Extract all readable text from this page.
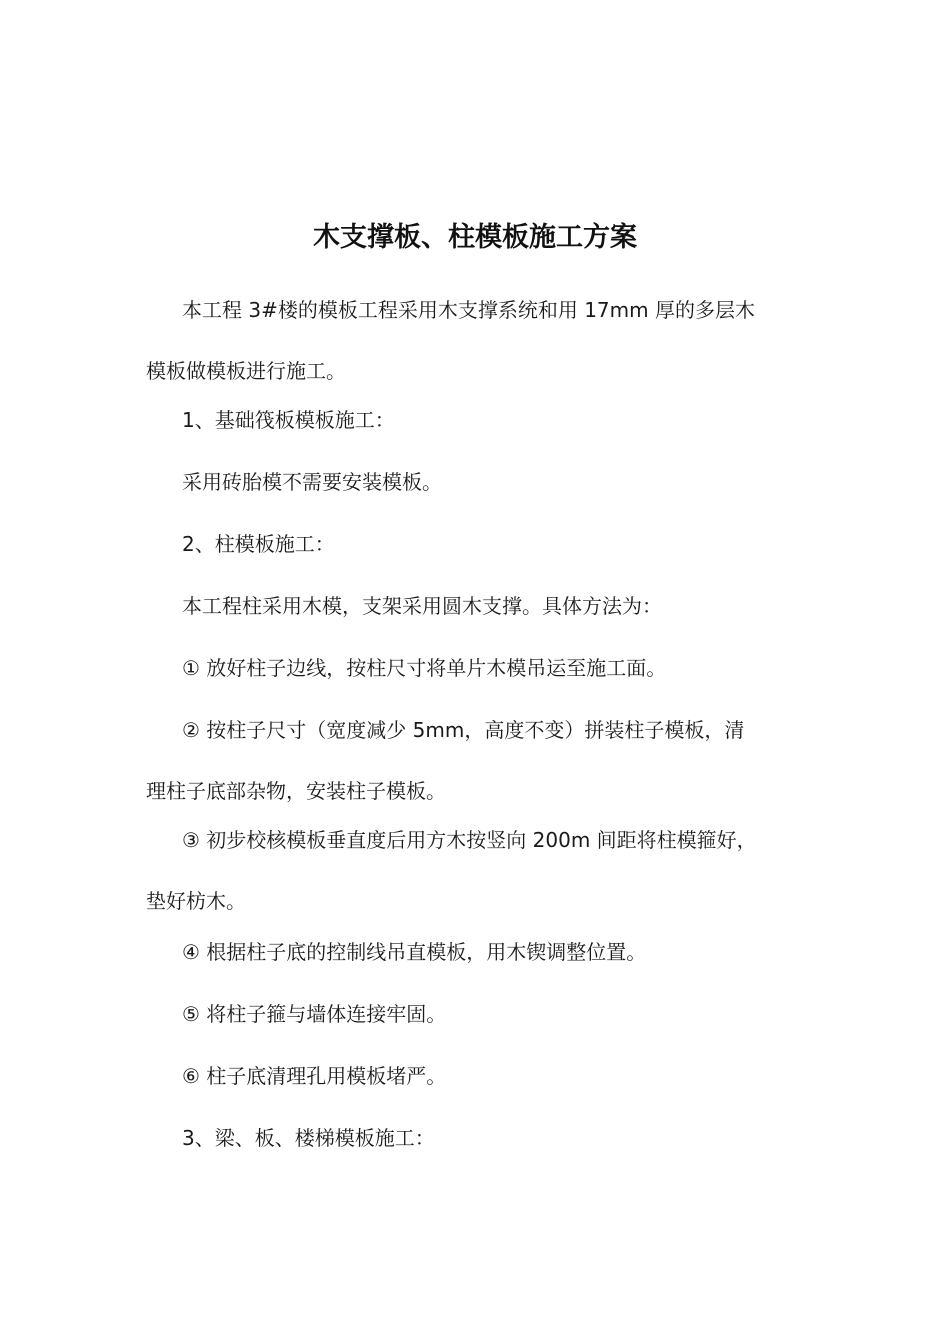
木支撑板、柱模板施工方案

本工程 3#楼的模板工程采用木支撑系统和用 17mm 厚的多层木
模板做模板进行施工。

1、基础筏板模板施工：

采用砖胎模不需要安装模板。

2、柱模板施工：

本工程柱采用木模，支架采用圆木支撑。具体方法为：

① 放好柱子边线，按柱尺寸将单片木模吊运至施工面。

② 按柱子尺寸（宽度减少 5mm，高度不变）拼装柱子模板，清
理柱子底部杂物，安装柱子模板。

③ 初步校核模板垂直度后用方木按竖向 200m 间距将柱模箍好，
垫好枋木。

④ 根据柱子底的控制线吊直模板，用木锲调整位置。

⑤ 将柱子箍与墙体连接牢固。

⑥ 柱子底清理孔用模板堵严。

3、梁、板、楼梯模板施工：
